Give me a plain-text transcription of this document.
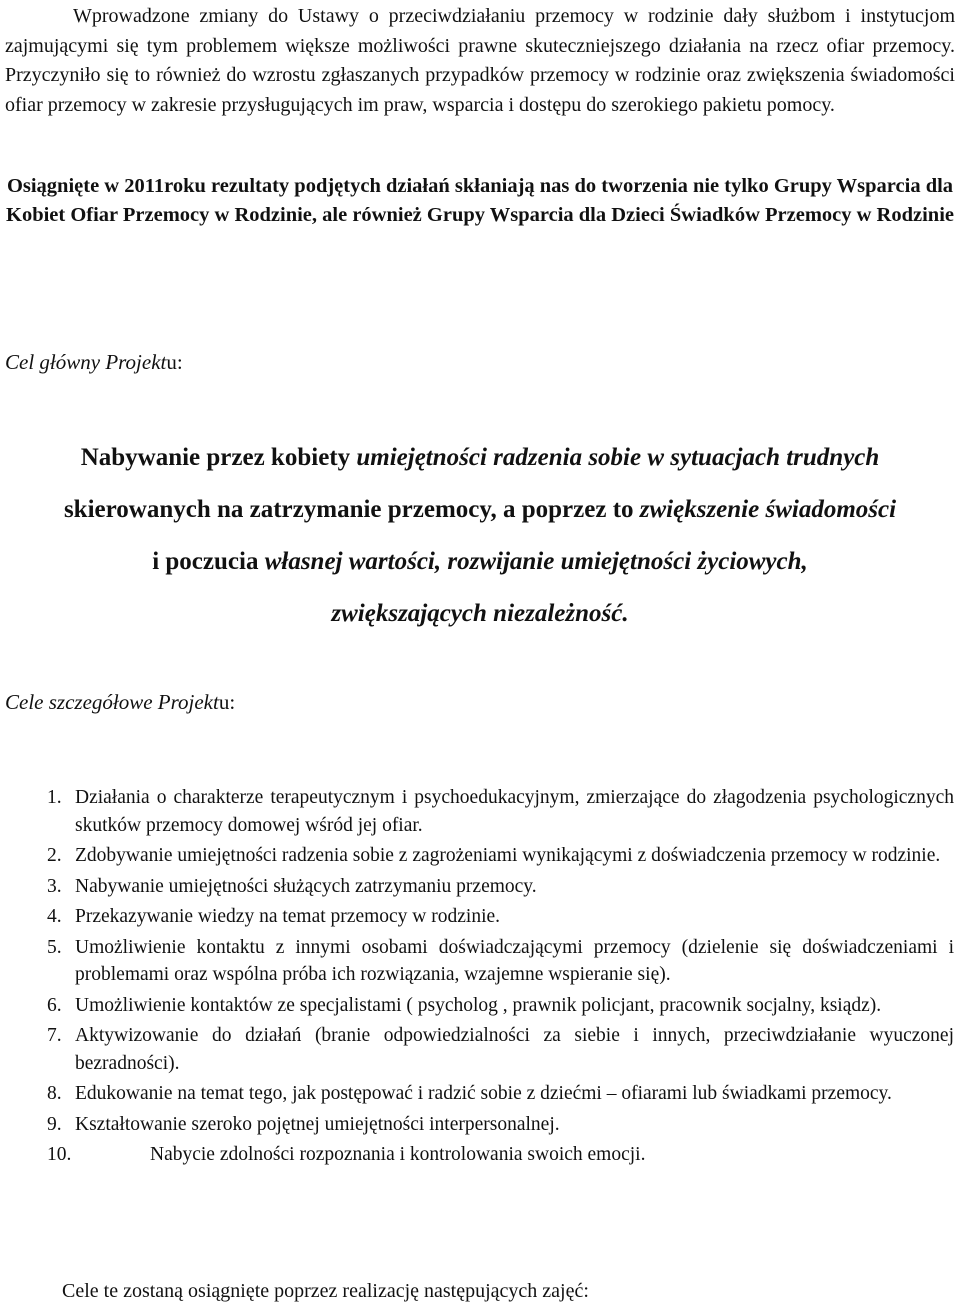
Wprowadzone zmiany do Ustawy o przeciwdziałaniu przemocy w rodzinie dały służbom i instytucjom zajmującymi się tym problemem większe możliwości prawne skuteczniejszego działania na rzecz ofiar przemocy. Przyczyniło się to również do wzrostu zgłaszanych przypadków przemocy w rodzinie oraz zwiększenia świadomości ofiar przemocy w zakresie przysługujących im praw, wsparcia i dostępu do szerokiego pakietu pomocy.

Osiągnięte w 2011roku rezultaty podjętych działań skłaniają nas do tworzenia nie tylko Grupy Wsparcia dla Kobiet Ofiar Przemocy w Rodzinie, ale również Grupy Wsparcia dla Dzieci Świadków Przemocy w Rodzinie

Cel główny Projektu:

Nabywanie przez kobiety umiejętności radzenia sobie w sytuacjach trudnych
skierowanych na zatrzymanie przemocy, a poprzez to zwiększenie świadomości
i poczucia własnej wartości, rozwijanie umiejętności życiowych,
zwiększających niezależność.

Cele szczegółowe Projektu:

1. Działania o charakterze terapeutycznym i psychoedukacyjnym, zmierzające do złagodzenia psychologicznych skutków przemocy domowej wśród jej ofiar.
2. Zdobywanie umiejętności radzenia sobie z zagrożeniami wynikającymi z doświadczenia przemocy w rodzinie.
3. Nabywanie umiejętności służących zatrzymaniu przemocy.
4. Przekazywanie wiedzy na temat przemocy w rodzinie.
5. Umożliwienie kontaktu z innymi osobami doświadczającymi przemocy (dzielenie się doświadczeniami i problemami oraz wspólna próba ich rozwiązania, wzajemne wspieranie się).
6. Umożliwienie kontaktów ze specjalistami ( psycholog , prawnik policjant, pracownik socjalny, ksiądz).
7. Aktywizowanie do działań (branie odpowiedzialności za siebie i innych, przeciwdziałanie wyuczonej bezradności).
8. Edukowanie na temat tego, jak postępować i radzić sobie z dziećmi – ofiarami lub świadkami przemocy.
9. Kształtowanie szeroko pojętnej umiejętności interpersonalnej.
10.	Nabycie zdolności rozpoznania i kontrolowania swoich emocji.

Cele te zostaną osiągnięte poprzez realizację następujących zajęć:
